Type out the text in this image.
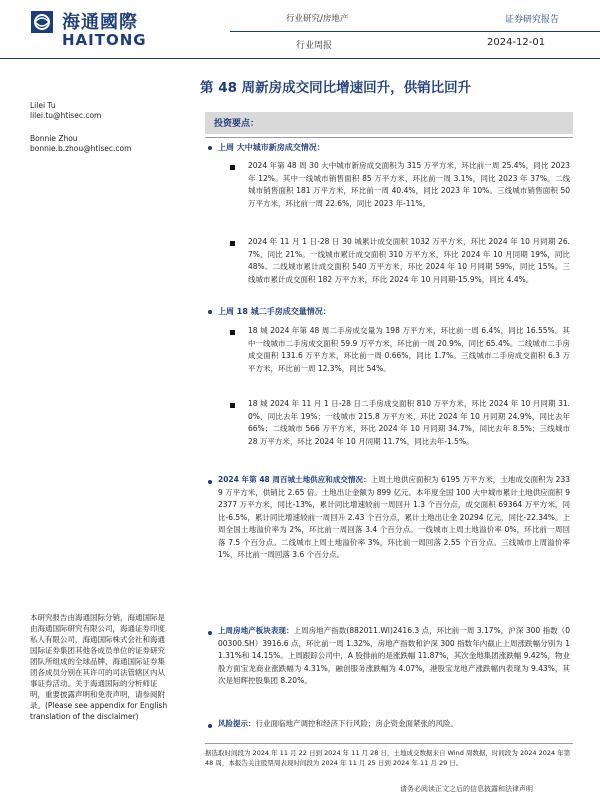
海通國際
HAITONG
行业研究/房地产
行业周报
证券研究报告
2024-12-01
第 48 周新房成交同比增速回升，供销比回升
Lilei Tu
lilei.tu@htisec.com
Bonnie Zhou
bonnie.b.zhou@htisec.com
本研究报告由海通国际分销，海通国际是由海通国际研究有限公司，海通证券印度私人有限公司，海通国际株式会社和海通国际证券集团其他各成员单位的证券研究团队所组成的全球品牌，海通国际证券集团各成员分别在其许可的司法管辖区内从事证券活动。关于海通国际的分析师证明，重要披露声明和免责声明，请参阅附录。(Please see appendix for English translation of the disclaimer)
投资要点：
上周 大中城市新房成交情况：
2024 年第 48 周 30 大中城市新房成交面积为 315 万平方米，环比前一周 25.4%，同比 2023 年 12%。其中一线城市销售面积 85 万平方米，环比前一周 3.1%，同比 2023 年 37%。二线城市销售面积 181 万平方米，环比前一周 40.4%，同比 2023 年 10%。三线城市销售面积 50 万平方米，环比前一周 22.6%，同比 2023 年-11%。
2024 年 11 月 1 日-28 日 30 城累计成交面积 1032 万平方米，环比 2024 年 10 月同期 26.7%，同比 21%。一线城市累计成交面积 310 万平方米，环比 2024 年 10 月同期 19%，同比 48%。二线城市累计成交面积 540 万平方米，环比 2024 年 10 月同期 59%，同比 15%。三线城市累计成交面积 182 万平方米，环比 2024 年 10 月同期-15.9%，同比 4.4%。
上周 18 城二手房成交量情况：
18 城 2024 年第 48 周二手房成交量为 198 万平方米，环比前一周 6.4%，同比 16.55%。其中一线城市二手房成交面积 59.9 万平方米，环比前一周 20.9%，同比 65.4%。二线城市二手房成交面积 131.6 万平方米，环比前一周 0.66%，同比 1.7%。三线城市二手房成交面积 6.3 万平方米，环比前一周 12.3%，同比 54%。
18 城 2024 年 11 月 1 日-28 日二手房成交面积 810 万平方米，环比 2024 年 10 月同期 31.0%，同比去年 19%；一线城市 215.8 万平方米，环比 2024 年 10 月同期 24.9%，同比去年 66%；二线城市 566 万平方米，环比 2024 年 10 月同期 34.7%，同比去年 8.5%；三线城市 28 万平方米，环比 2024 年 10 月同期 11.7%，同比去年-1.5%。
2024 年第 48 周百城土地供应和成交情况：上周土地供应面积为 6195 万平方米，土地成交面积为 2339 万平方米，供销比 2.65 倍。土地出让金额为 899 亿元。本年度全国 100 大中城市累计土地供应面积 92377 万平方米，同比-13%，累计同比增速较前一周回升 1.3 个百分点，成交面积 69364 万平方米，同比-6.5%，累计同比增速较前一周回升 2.43 个百分点，累计土地出让金 20294 亿元，同比-22.34%。上周全国土地溢价率为 2%，环比前一周回落 3.4 个百分点。一线城市上周土地溢价率 0%，环比前一周回落 7.5 个百分点。二线城市上周土地溢价率 3%，环比前一周回落 2.55 个百分点。三线城市上周溢价率 1%，环比前一周回落 3.6 个百分点。
上周房地产板块表现：上周房地产指数(882011.WI)2416.3 点，环比前一周 3.17%，沪深 300 指数（000300.SH）3916.6 点，环比前一周 1.32%，房地产指数和沪深 300 指数年内截止上周涨跌幅分别为 11.31%和 14.15%。上周跟踪公司中，A 股排前的是涨跌幅 11.87%，其次金地集团涨跌幅 9.42%，物业股方面宝龙商业涨跌幅为 4.31%，融创服务涨跌幅为 4.07%，港股宝龙地产涨跌幅内表现为 9.43%，其次是旭辉控股集团 8.20%。
风险提示：行业面临地产调控和经济下行风险；房企资金面紧张的风险。
据选取时间段为 2024 年 11 月 22 日到 2024 年 11 月 28 日，土地成交数据来自 Wind 周数据，时间段为 2024 2024 年第 48 周，本报告关注股票周表现时间段为 2024 年 11 月 25 日到 2024 年 11 月 29 日。
请务必阅读正文之后的信息披露和法律声明
